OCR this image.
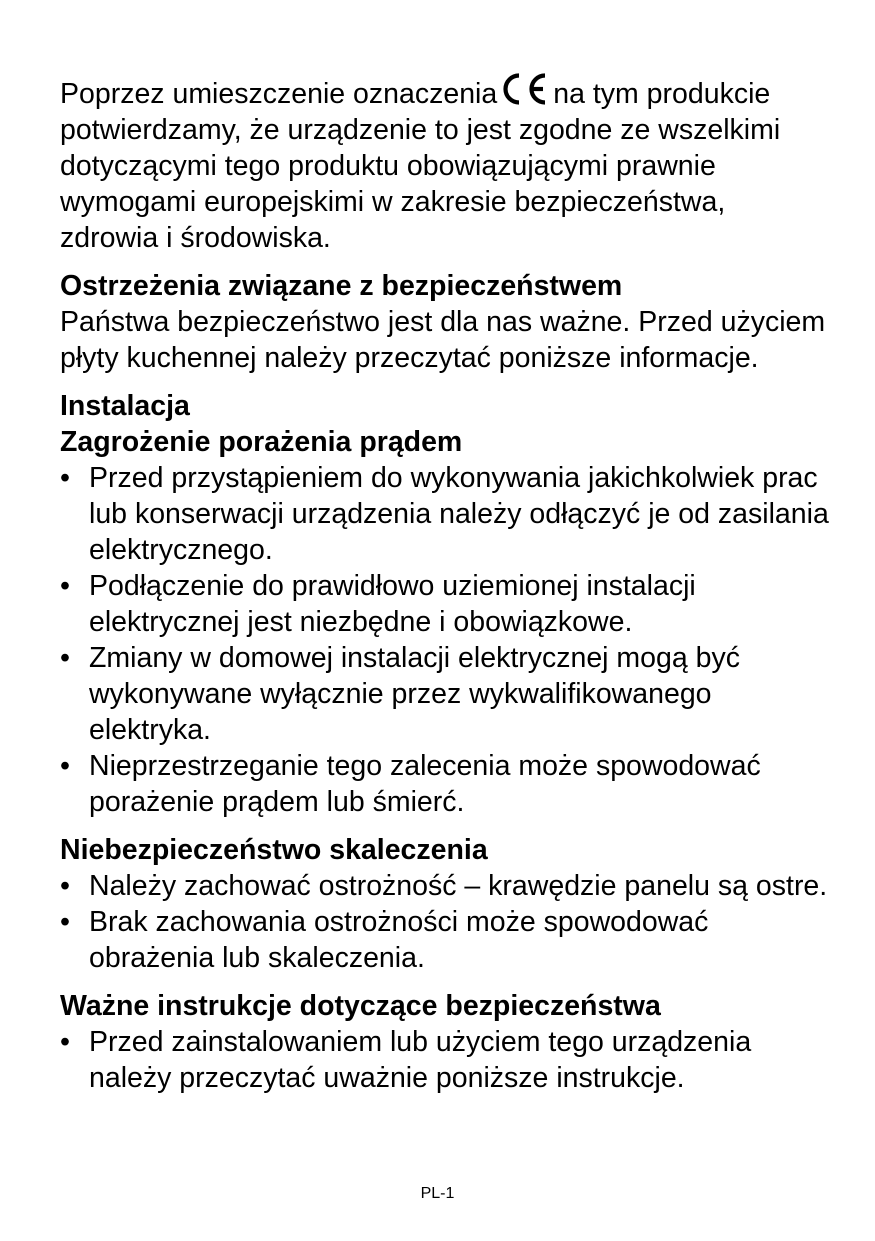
Poprzez umieszczenie oznaczenia na tym produkcie potwierdzamy, że urządzenie to jest zgodne ze wszelkimi dotyczącymi tego produktu obowiązującymi prawnie wymogami europejskimi w zakresie bezpieczeństwa, zdrowia i środowiska.

Ostrzeżenia związane z bezpieczeństwem

Państwa bezpieczeństwo jest dla nas ważne. Przed użyciem płyty kuchennej należy przeczytać poniższe informacje.

Instalacja

Zagrożenie porażenia prądem

• Przed przystąpieniem do wykonywania jakichkolwiek prac lub konserwacji urządzenia należy odłączyć je od zasilania elektrycznego.
• Podłączenie do prawidłowo uziemionej instalacji elektrycznej jest niezbędne i obowiązkowe.
• Zmiany w domowej instalacji elektrycznej mogą być wykonywane wyłącznie przez wykwalifikowanego elektryka.
• Nieprzestrzeganie tego zalecenia może spowodować porażenie prądem lub śmierć.

Niebezpieczeństwo skaleczenia

• Należy zachować ostrożność – krawędzie panelu są ostre.
• Brak zachowania ostrożności może spowodować obrażenia lub skaleczenia.

Ważne instrukcje dotyczące bezpieczeństwa

• Przed zainstalowaniem lub użyciem tego urządzenia należy przeczytać uważnie poniższe instrukcje.
PL-1
